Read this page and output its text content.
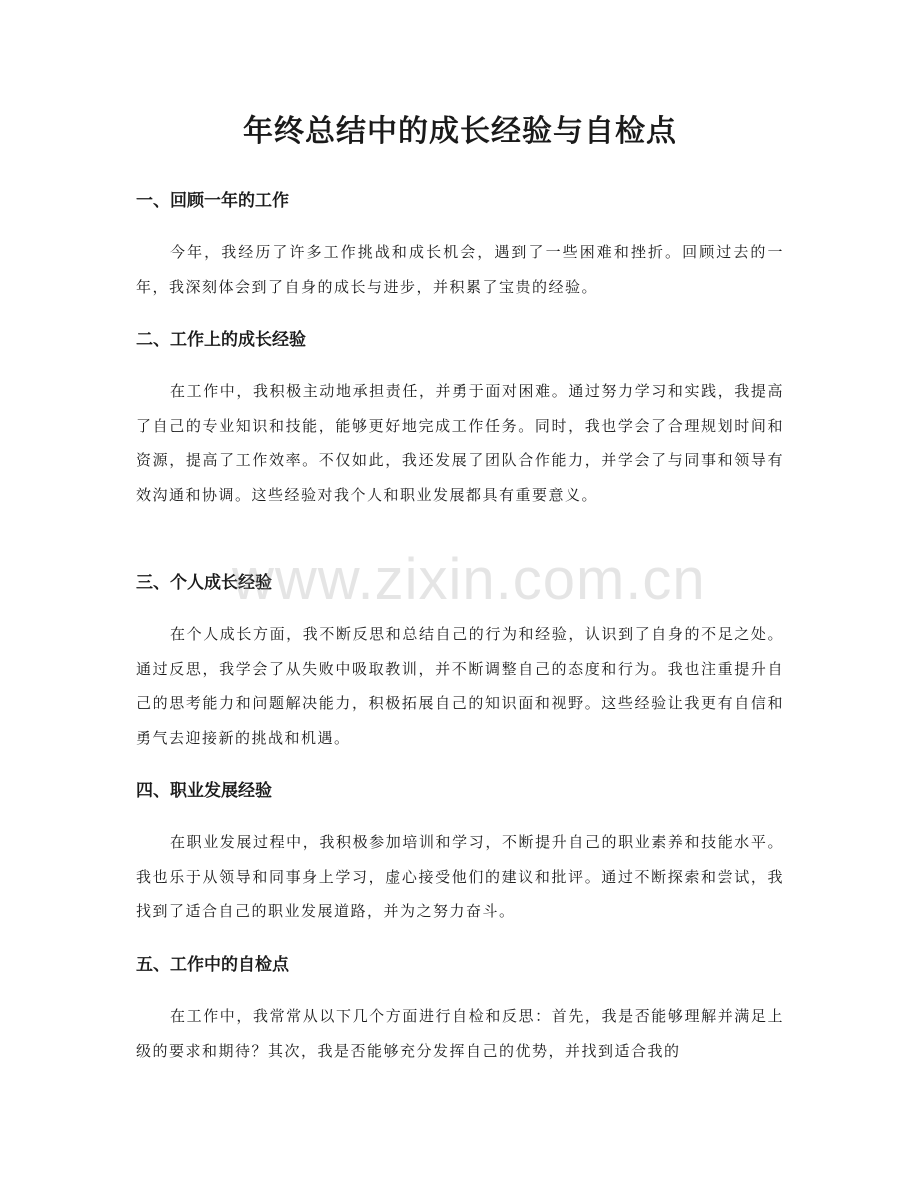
年终总结中的成长经验与自检点
一、回顾一年的工作

今年，我经历了许多工作挑战和成长机会，遇到了一些困难和挫折。回顾过去的一年，我深刻体会到了自身的成长与进步，并积累了宝贵的经验。

二、工作上的成长经验

在工作中，我积极主动地承担责任，并勇于面对困难。通过努力学习和实践，我提高了自己的专业知识和技能，能够更好地完成工作任务。同时，我也学会了合理规划时间和资源，提高了工作效率。不仅如此，我还发展了团队合作能力，并学会了与同事和领导有效沟通和协调。这些经验对我个人和职业发展都具有重要意义。

三、个人成长经验

在个人成长方面，我不断反思和总结自己的行为和经验，认识到了自身的不足之处。通过反思，我学会了从失败中吸取教训，并不断调整自己的态度和行为。我也注重提升自己的思考能力和问题解决能力，积极拓展自己的知识面和视野。这些经验让我更有自信和勇气去迎接新的挑战和机遇。

四、职业发展经验

在职业发展过程中，我积极参加培训和学习，不断提升自己的职业素养和技能水平。我也乐于从领导和同事身上学习，虚心接受他们的建议和批评。通过不断探索和尝试，我找到了适合自己的职业发展道路，并为之努力奋斗。

五、工作中的自检点

在工作中，我常常从以下几个方面进行自检和反思：首先，我是否能够理解并满足上级的要求和期待？其次，我是否能够充分发挥自己的优势，并找到适合我的

www.zixin.com.cn
